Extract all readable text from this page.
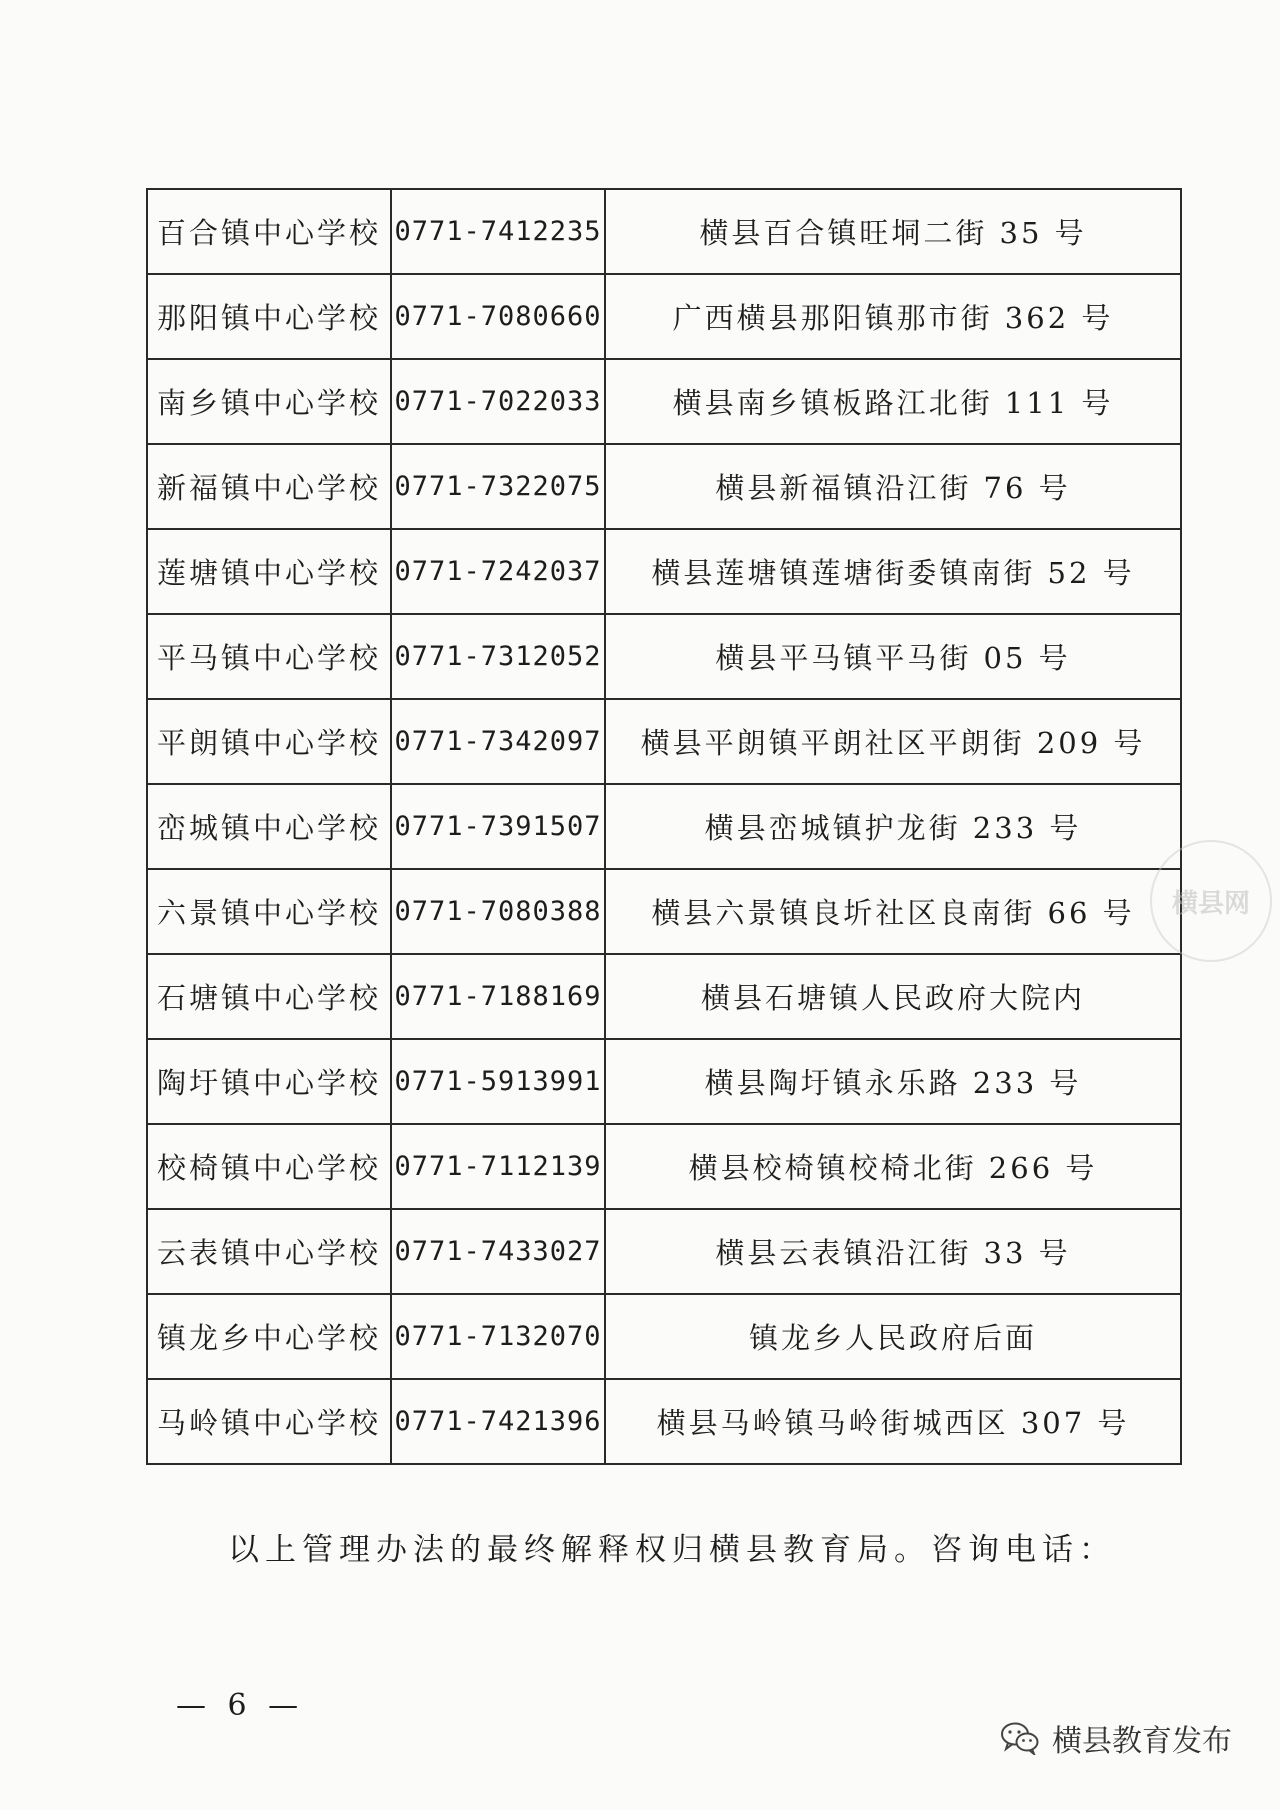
百合镇中心学校	0771-7412235	横县百合镇旺垌二街 35 号
那阳镇中心学校	0771-7080660	广西横县那阳镇那市街 362 号
南乡镇中心学校	0771-7022033	横县南乡镇板路江北街 111 号
新福镇中心学校	0771-7322075	横县新福镇沿江街 76 号
莲塘镇中心学校	0771-7242037	横县莲塘镇莲塘街委镇南街 52 号
平马镇中心学校	0771-7312052	横县平马镇平马街 05 号
平朗镇中心学校	0771-7342097	横县平朗镇平朗社区平朗街 209 号
峦城镇中心学校	0771-7391507	横县峦城镇护龙街 233 号
六景镇中心学校	0771-7080388	横县六景镇良圻社区良南街 66 号
石塘镇中心学校	0771-7188169	横县石塘镇人民政府大院内
陶圩镇中心学校	0771-5913991	横县陶圩镇永乐路 233 号
校椅镇中心学校	0771-7112139	横县校椅镇校椅北街 266 号
云表镇中心学校	0771-7433027	横县云表镇沿江街 33 号
镇龙乡中心学校	0771-7132070	镇龙乡人民政府后面
马岭镇中心学校	0771-7421396	横县马岭镇马岭街城西区 307 号
以上管理办法的最终解释权归横县教育局。咨询电话：
— 6 —
横县网
横县教育发布
